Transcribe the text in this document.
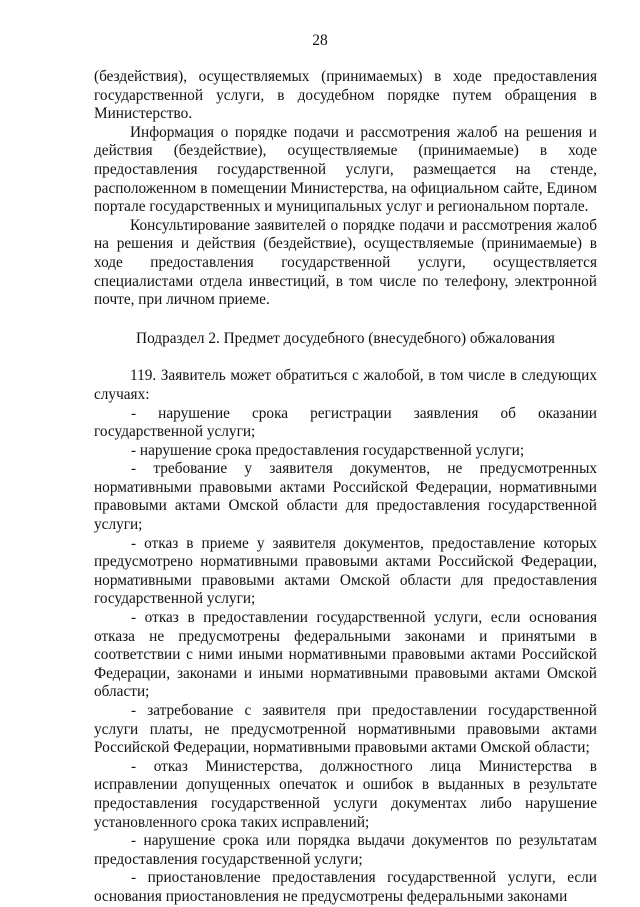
28

(бездействия), осуществляемых (принимаемых) в ходе предоставления государственной услуги, в досудебном порядке путем обращения в Министерство.

Информация о порядке подачи и рассмотрения жалоб на решения и действия (бездействие), осуществляемые (принимаемые) в ходе предоставления государственной услуги, размещается на стенде, расположенном в помещении Министерства, на официальном сайте, Едином портале государственных и муниципальных услуг и региональном портале.

Консультирование заявителей о порядке подачи и рассмотрения жалоб на решения и действия (бездействие), осуществляемые (принимаемые) в ходе предоставления государственной услуги, осуществляется специалистами отдела инвестиций, в том числе по телефону, электронной почте, при личном приеме.

Подраздел 2. Предмет досудебного (внесудебного) обжалования

119. Заявитель может обратиться с жалобой, в том числе в следующих случаях:

- нарушение срока регистрации заявления об оказании государственной услуги;

- нарушение срока предоставления государственной услуги;

- требование у заявителя документов, не предусмотренных нормативными правовыми актами Российской Федерации, нормативными правовыми актами Омской области для предоставления государственной услуги;

- отказ в приеме у заявителя документов, предоставление которых предусмотрено нормативными правовыми актами Российской Федерации, нормативными правовыми актами Омской области для предоставления государственной услуги;

- отказ в предоставлении государственной услуги, если основания отказа не предусмотрены федеральными законами и принятыми в соответствии с ними иными нормативными правовыми актами Российской Федерации, законами и иными нормативными правовыми актами Омской области;

- затребование с заявителя при предоставлении государственной услуги платы, не предусмотренной нормативными правовыми актами Российской Федерации, нормативными правовыми актами Омской области;

- отказ Министерства, должностного лица Министерства в исправлении допущенных опечаток и ошибок в выданных в результате предоставления государственной услуги документах либо нарушение установленного срока таких исправлений;

- нарушение срока или порядка выдачи документов по результатам предоставления государственной услуги;

- приостановление предоставления государственной услуги, если основания приостановления не предусмотрены федеральными законами
